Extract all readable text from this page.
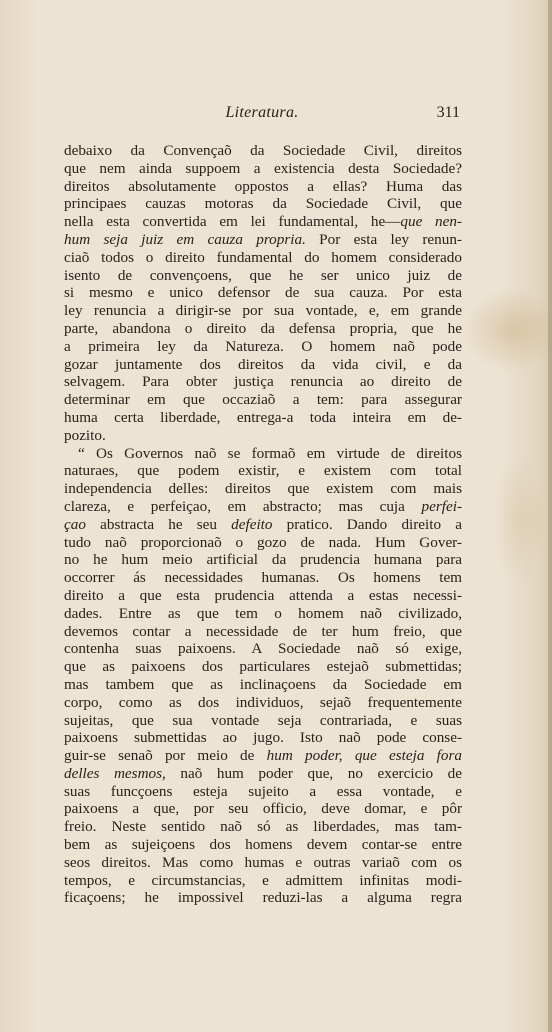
Literatura.	311
debaixo da Convençaõ da Sociedade Civil, direitos
que nem ainda suppoem a existencia desta Sociedade?
direitos absolutamente oppostos a ellas? Huma das
principaes cauzas motoras da Sociedade Civil, que
nella esta convertida em lei fundamental, he—que nen-
hum seja juiz em cauza propria. Por esta ley renun-
ciaõ todos o direito fundamental do homem considerado
isento de convençoens, que he ser unico juiz de
si mesmo e unico defensor de sua cauza. Por esta
ley renuncia a dirigir-se por sua vontade, e, em grande
parte, abandona o direito da defensa propria, que he
a primeira ley da Natureza. O homem naõ pode
gozar juntamente dos direitos da vida civil, e da
selvagem. Para obter justiça renuncia ao direito de
determinar em que occaziaõ a tem: para assegurar
huma certa liberdade, entrega-a toda inteira em de-
pozito.
“ Os Governos naõ se formaõ em virtude de direitos
naturaes, que podem existir, e existem com total
independencia delles: direitos que existem com mais
clareza, e perfeiçao, em abstracto; mas cuja perfei-
çao abstracta he seu defeito pratico. Dando direito a
tudo naõ proporcionaõ o gozo de nada. Hum Gover-
no he hum meio artificial da prudencia humana para
occorrer ás necessidades humanas. Os homens tem
direito a que esta prudencia attenda a estas necessi-
dades. Entre as que tem o homem naõ civilizado,
devemos contar a necessidade de ter hum freio, que
contenha suas paixoens. A Sociedade naõ só exige,
que as paixoens dos particulares estejaõ submettidas;
mas tambem que as inclinaçoens da Sociedade em
corpo, como as dos individuos, sejaõ frequentemente
sujeitas, que sua vontade seja contrariada, e suas
paixoens submettidas ao jugo. Isto naõ pode conse-
guir-se senaõ por meio de hum poder, que esteja fora
delles mesmos, naõ hum poder que, no exercicio de
suas funcçoens esteja sujeito a essa vontade, e
paixoens a que, por seu officio, deve domar, e pôr
freio. Neste sentido naõ só as liberdades, mas tam-
bem as sujeiçoens dos homens devem contar-se entre
seos direitos. Mas como humas e outras variaõ com os
tempos, e circumstancias, e admittem infinitas modi-
ficaçoens; he impossivel reduzi-las a alguma regra
